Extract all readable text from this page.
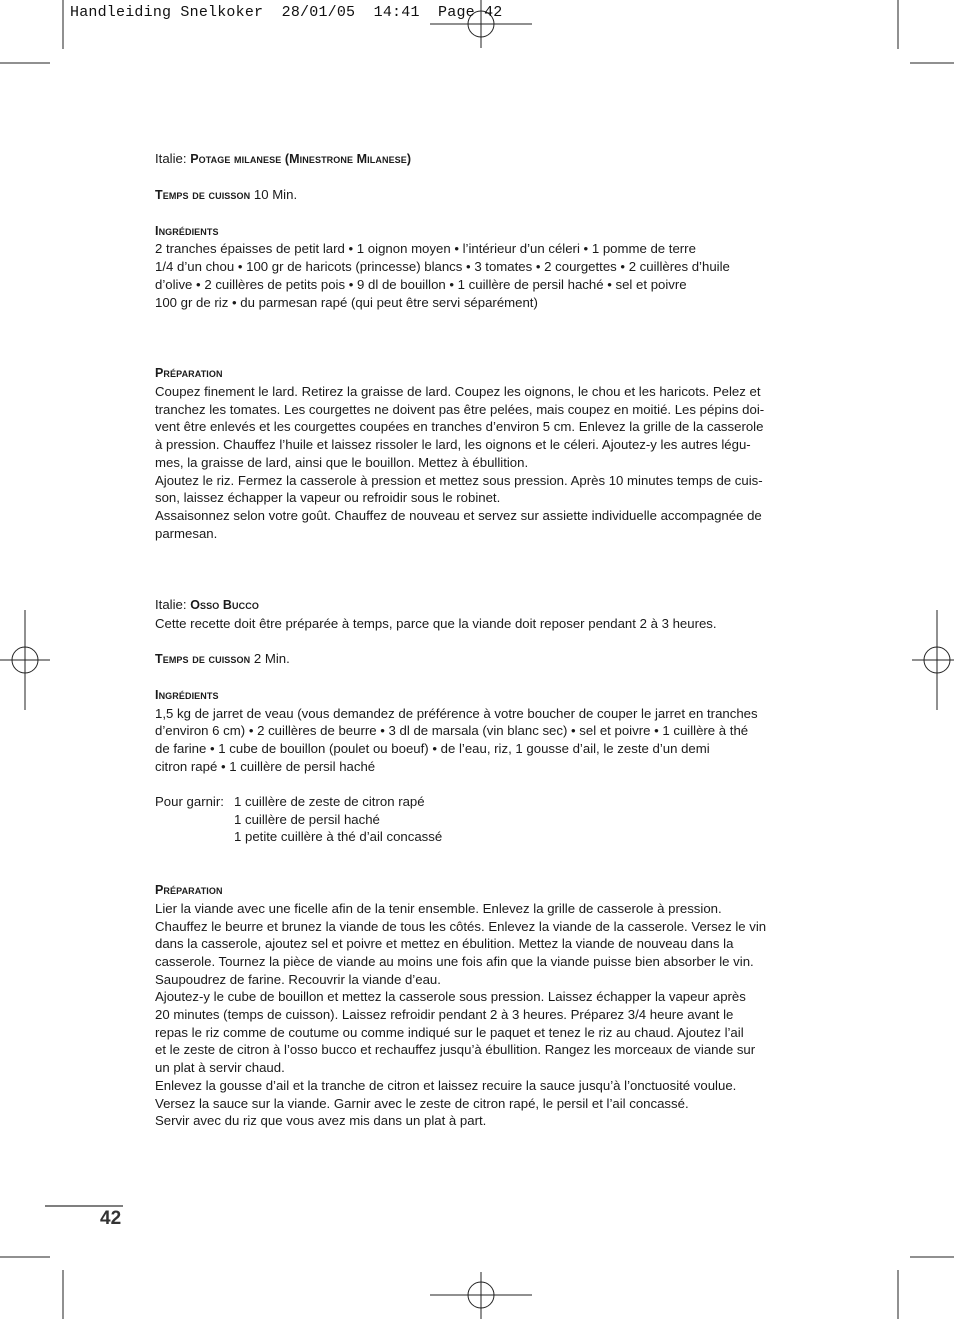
Handleiding Snelkoker  28/01/05  14:41  Page 42

Italie: Potage milanese (Minestrone Milanese)

Temps de cuisson 10 Min.

Ingrédients

2 tranches épaisses de petit lard • 1 oignon moyen • l’intérieur d’un céleri • 1 pomme de terre

1/4 d’un chou • 100 gr de haricots (princesse) blancs • 3 tomates • 2 courgettes • 2 cuillères d’huile

d’olive • 2 cuillères de petits pois • 9 dl de bouillon • 1 cuillère de persil haché • sel et poivre

100 gr de riz • du parmesan rapé (qui peut être servi séparément)

Préparation

Coupez finement le lard. Retirez la graisse de lard. Coupez les oignons, le chou et les haricots. Pelez et

tranchez les tomates. Les courgettes ne doivent pas être pelées, mais coupez en moitié. Les pépins doi-

vent être enlevés et les courgettes coupées en tranches d’environ 5 cm. Enlevez la grille de la casserole

à pression. Chauffez l’huile et laissez rissoler le lard, les oignons et le céleri. Ajoutez-y les autres légu-

mes, la graisse de lard, ainsi que le bouillon. Mettez à ébullition.

Ajoutez le riz. Fermez la casserole à pression et mettez sous pression. Après 10 minutes temps de cuis-

son, laissez échapper la vapeur ou refroidir sous le robinet.

Assaisonnez selon votre goût. Chauffez de nouveau et servez sur assiette individuelle accompagnée de

parmesan.

Italie: Osso Bucco

Cette recette doit être préparée à temps, parce que la viande doit reposer pendant 2 à 3 heures.

Temps de cuisson 2 Min.

Ingrédients

1,5 kg de jarret de veau (vous demandez de préférence à votre boucher de couper le jarret en tranches

d’environ 6 cm) • 2 cuillères de beurre • 3 dl de marsala (vin blanc sec) • sel et poivre • 1 cuillère à thé

de farine • 1 cube de bouillon (poulet ou boeuf) • de l’eau, riz, 1 gousse d’ail, le zeste d’un demi

citron rapé • 1 cuillère de persil haché

Pour garnir: 1 cuillère de zeste de citron rapé
1 cuillère de persil haché
1 petite cuillère à thé d’ail concassé

Préparation

Lier la viande avec une ficelle afin de la tenir ensemble. Enlevez la grille de casserole à pression.

Chauffez le beurre et brunez la viande de tous les côtés. Enlevez la viande de la casserole. Versez le vin

dans la casserole, ajoutez sel et poivre et mettez en ébulition. Mettez la viande de nouveau dans la

casserole. Tournez la pièce de viande au moins une fois afin que la viande puisse bien absorber le vin.

Saupoudrez de farine. Recouvrir la viande d’eau.

Ajoutez-y le cube de bouillon et mettez la casserole sous pression. Laissez échapper la vapeur après

20 minutes (temps de cuisson). Laissez refroidir pendant 2 à 3 heures. Préparez 3/4 heure avant le

repas le riz comme de coutume ou comme indiqué sur le paquet et tenez le riz au chaud. Ajoutez l’ail

et le zeste de citron à l’osso bucco et rechauffez jusqu’à ébullition. Rangez les morceaux de viande sur

un plat à servir chaud.

Enlevez la gousse d’ail et la tranche de citron et laissez recuire la sauce jusqu’à l’onctuosité voulue.

Versez la sauce sur la viande. Garnir avec le zeste de citron rapé, le persil et l’ail concassé.

Servir avec du riz que vous avez mis dans un plat à part.

42
